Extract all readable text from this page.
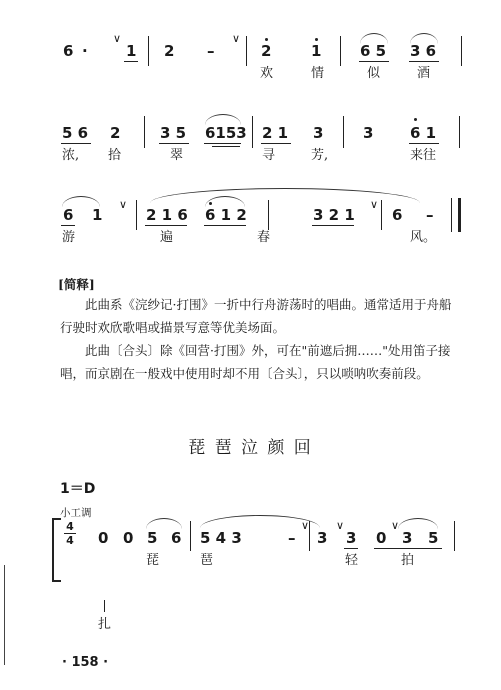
6 ·
∨
1 2 –
∨
2	1	6 5 3 6
欢	情	似	酒
5 6 2	3 5 6153 2 1 3	3 6 1
浓, 拾	翠	寻	芳,	来往
6 1
∨
2 1 6 6 1 2	3 2 1
∨
6 –
游	遍	春	风。
[简释]
此曲系《浣纱记·打围》一折中行舟游荡时的唱曲。通常适用于舟船行驶时欢欣歌唱或描景写意等优美场面。
此曲〔合头〕除《回营·打围》外，可在"前遮后拥……"处用笛子接唱，而京剧在一般戏中使用时却不用〔合头〕，只以唢呐吹奏前段。
琵 琶 泣 颜 回
1＝D
小工调
4
4 0 0 5 6 5 4 3	–
∨
3
∨
3
∨
0 3 5
琵	琶	轻	拍
扎
· 158 ·
